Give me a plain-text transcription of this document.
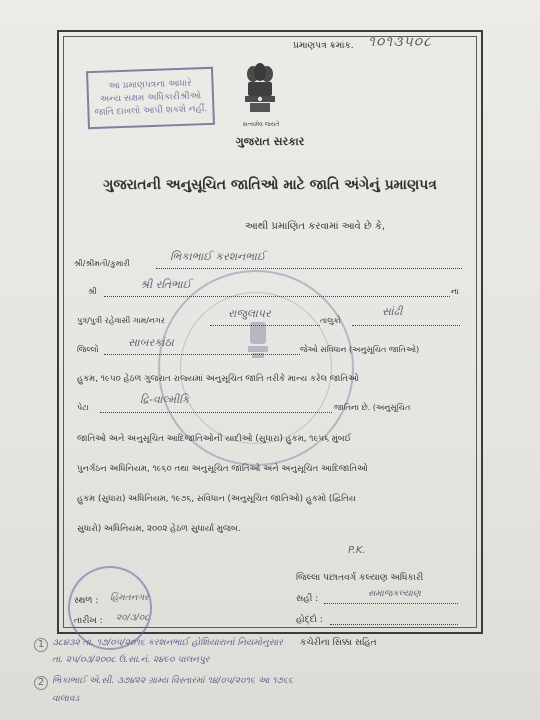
પ્રમાણપત્ર ક્રમાંક. ૧૦૧૩૫૦૮
આ પ્રમાણપત્રના આધારે
અન્ય સક્ષમ અધિકારીશ્રીઓ
જાતિ દાખલો આપી શકશે નહીં.
સત્યમેવ જયતે
ગુજરાત સરકાર
ગુજરાતની અનુસૂચિત જાતિઓ માટે જાતિ અંગેનું પ્રમાણપત્ર
આથી પ્રમાણિત કરવામાં આવે છે કે,
શ્રી/શ્રીમતી/કુમારી
ભિકાભાઈ કરશનભાઈ
શ્રી
શ્રી રતિભાઈ
ના
પુત્ર/પુત્રી રહેવાસી ગામ/નગર
રાજુલાપર
તાલુકો
સાંઢી
જિલ્લો
સાબરકાંઠા
જેઓ સંવિધાન (અનુસૂચિત જાતિઓ)
હુકમ, ૧૯૫૦ હેઠળ ગુજરાત રાજ્યમાં અનુસૂચિત જાતિ તરીકે માન્ય કરેલ જાતિઓ
પેટા
દ્રિ-વાલ્મીકિ
જાતિના છે. (અનુસૂચિત
જાતિઓ અને અનુસૂચિત આદિજાતિઓની યાદીઓ (સુધારા) હુકમ, ૧૯૫૬ મુંબઈ
પુનર્ગઠન અધિનિયમ, ૧૯૬૦ તથા અનુસૂચિત જાતિઓ અને અનુસૂચિત આદિજાતિઓ
હુકમ (સુધારા) અધિનિયમ, ૧૯૭૬, સંવિધાન (અનુસૂચિત જાતિઓ) હુકમો (દ્વિતિય
સુધારો) અધિનિયમ, ૨૦૦૨ હેઠળ સુધાર્યા મુજબ.
P.K.
જિલ્લા પછાતવર્ગ કલ્યાણ અધિકારી
સહી :	સમાજકલ્યાણ
હોદ્દો :
કચેરીના સિક્કા સહિત
સ્થળ : હિંમતનગર
તારીખ : ૨૦/૩/૦૮
1 ૩૮૪૩૨ તા. ૧૭/૦૫/૨૦૧૬ કરશનભાઈ હોશિયારાનાં નિયમોનુસાર
તા. ૨૫/૦૩/૨૦૦૮ ઉ.સા.નં. ૨૪૯૦ પાલનપુર
2 ભિકાભાઈ એ.સી. ૩૭૪૨૨ ગ્રામ્ય વિસ્તારમાં ૧૪/૦૫/૨૦૧૬ આ ૧૭૬૬
વાલાવડ
